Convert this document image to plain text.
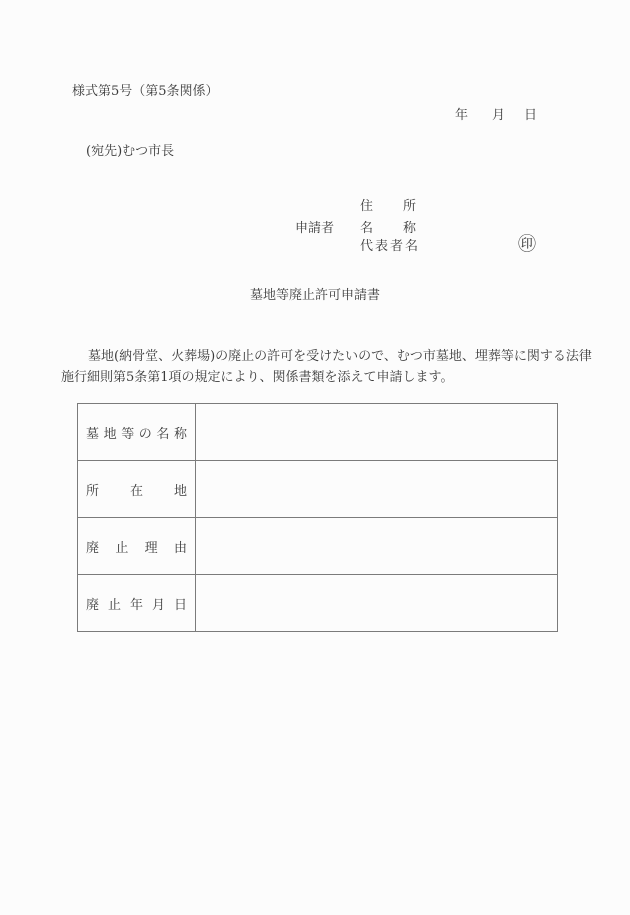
様式第5号（第5条関係）
年 月 日
(宛先)むつ市長
申請者
住所
名称
代表者名	㊞
墓地等廃止許可申請書
墓地(納骨堂、火葬場)の廃止の許可を受けたいので、むつ市墓地、埋葬等に関する法律
施行細則第5条第1項の規定により、関係書類を添えて申請します。
墓地等の名称	
所在地	
廃止理由	
廃止年月日	
